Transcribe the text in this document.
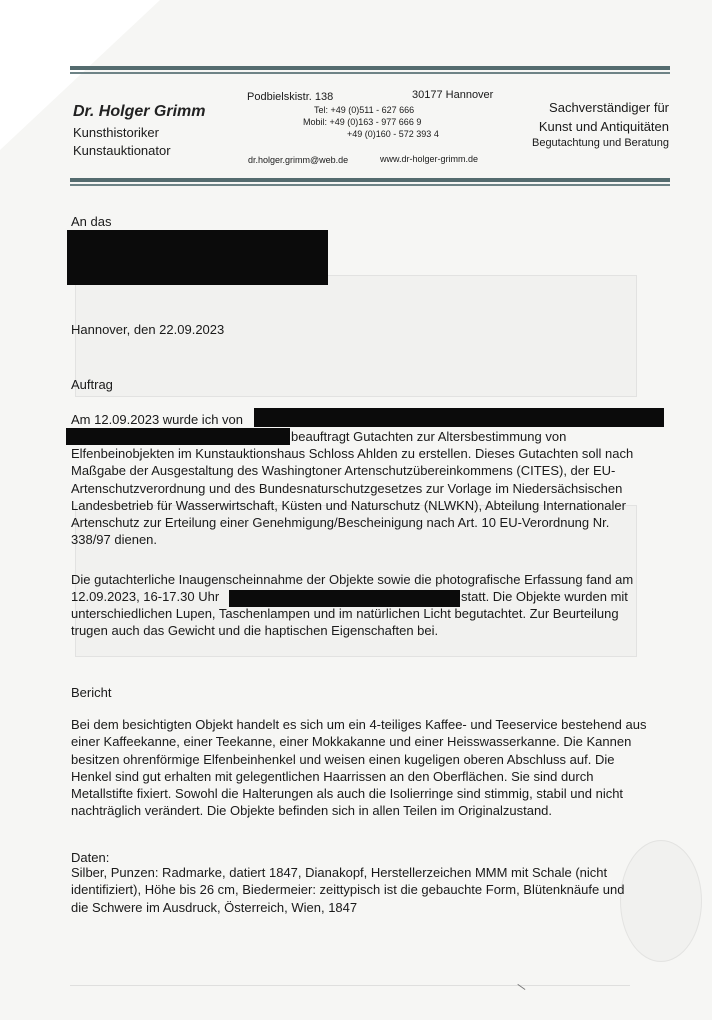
Dr. Holger Grimm
Kunsthistoriker
Kunstauktionator
Podbielskistr. 138	30177 Hannover
Tel: +49 (0)511 - 627 666
Mobil: +49 (0)163 - 977 666 9
+49 (0)160 - 572 393 4
dr.holger.grimm@web.de	www.dr-holger-grimm.de
Sachverständiger für
Kunst und Antiquitäten
Begutachtung und Beratung
An das
Hannover, den 22.09.2023
Auftrag
Am 12.09.2023 wurde ich von
beauftragt Gutachten zur Altersbestimmung von
Elfenbeinobjekten im Kunstauktionshaus Schloss Ahlden zu erstellen. Dieses Gutachten soll nach
Maßgabe der Ausgestaltung des Washingtoner Artenschutzübereinkommens (CITES), der EU-
Artenschutzverordnung und des Bundesnaturschutzgesetzes zur Vorlage im Niedersächsischen
Landesbetrieb für Wasserwirtschaft, Küsten und Naturschutz (NLWKN), Abteilung Internationaler
Artenschutz zur Erteilung einer Genehmigung/Bescheinigung nach Art. 10 EU-Verordnung Nr.
338/97 dienen.
Die gutachterliche Inaugenscheinnahme der Objekte sowie die photografische Erfassung fand am
12.09.2023, 16-17.30 Uhr	statt. Die Objekte wurden mit
unterschiedlichen Lupen, Taschenlampen und im natürlichen Licht begutachtet. Zur Beurteilung
trugen auch das Gewicht und die haptischen Eigenschaften bei.
Bericht
Bei dem besichtigten Objekt handelt es sich um ein 4-teiliges Kaffee- und Teeservice bestehend aus
einer Kaffeekanne, einer Teekanne, einer Mokkakanne und einer Heisswasserkanne. Die Kannen
besitzen ohrenförmige Elfenbeinhenkel und weisen einen kugeligen oberen Abschluss auf. Die
Henkel sind gut erhalten mit gelegentlichen Haarrissen an den Oberflächen. Sie sind durch
Metallstifte fixiert. Sowohl die Halterungen als auch die Isolierringe sind stimmig, stabil und nicht
nachträglich verändert. Die Objekte befinden sich in allen Teilen im Originalzustand.
Daten:
Silber, Punzen: Radmarke, datiert 1847, Dianakopf, Herstellerzeichen MMM mit Schale (nicht
identifiziert), Höhe bis 26 cm, Biedermeier: zeittypisch ist die gebauchte Form, Blütenknäufe und
die Schwere im Ausdruck, Österreich, Wien, 1847
/
